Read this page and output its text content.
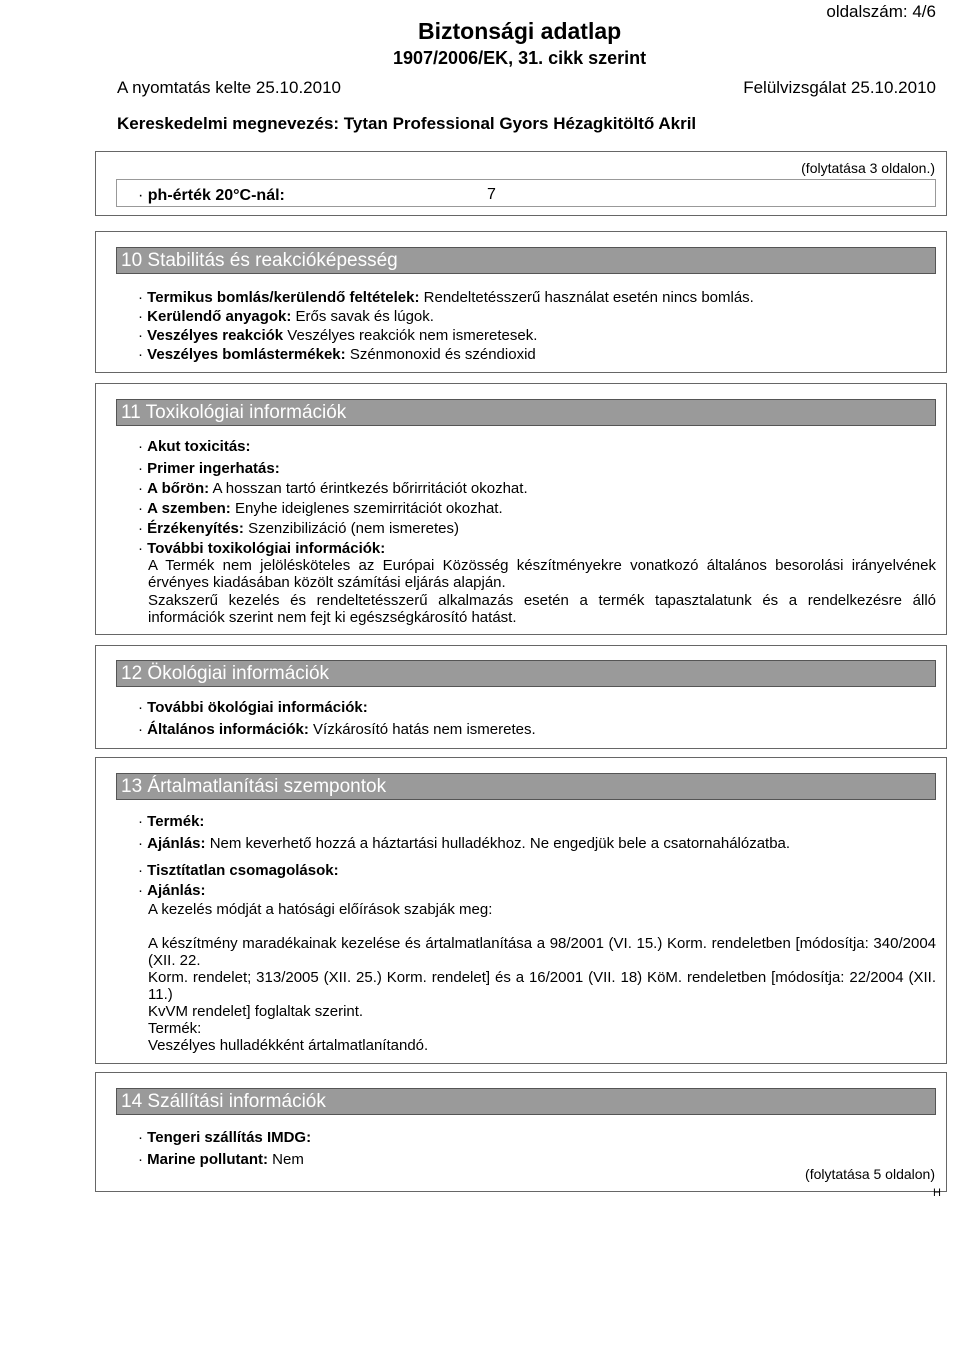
Biztonsági adatlap
1907/2006/EK, 31. cikk szerint
oldalszám: 4/6
A nyomtatás kelte 25.10.2010	Felülvizsgálat 25.10.2010
Kereskedelmi megnevezés: Tytan Professional Gyors Hézagkitöltő Akril
(folytatása 3 oldalon.)
· ph-érték 20°C-nál:	7
10 Stabilitás és reakcióképesség
· Termikus bomlás/kerülendő feltételek: Rendeltetésszerű használat esetén nincs bomlás.
· Kerülendő anyagok: Erős savak és lúgok.
· Veszélyes reakciók Veszélyes reakciók nem ismeretesek.
· Veszélyes bomlástermékek: Szénmonoxid és széndioxid
11 Toxikológiai információk
· Akut toxicitás:
· Primer ingerhatás:
· A bőrön: A hosszan tartó érintkezés bőrirritációt okozhat.
· A szemben: Enyhe ideiglenes szemirritációt okozhat.
· Érzékenyítés: Szenzibilizáció (nem ismeretes)
· További toxikológiai információk:
A Termék nem jelölésköteles az Európai Közösség készítményekre vonatkozó általános besorolási irányelvének érvényes kiadásában közölt számítási eljárás alapján.
Szakszerű kezelés és rendeltetésszerű alkalmazás esetén a termék tapasztalatunk és a rendelkezésre álló információk szerint nem fejt ki egészségkárosító hatást.
12 Ökológiai információk
· További ökológiai információk:
· Általános információk: Vízkárosító hatás nem ismeretes.
13 Ártalmatlanítási szempontok
· Termék:
· Ajánlás: Nem keverhető hozzá a háztartási hulladékhoz. Ne engedjük bele a csatornahálózatba.
· Tisztítatlan csomagolások:
· Ajánlás:
A kezelés módját a hatósági előírások szabják meg:
A készítmény maradékainak kezelése és ártalmatlanítása a 98/2001 (VI. 15.) Korm. rendeletben [módosítja: 340/2004 (XII. 22.
Korm. rendelet; 313/2005 (XII. 25.) Korm. rendelet] és a 16/2001 (VII. 18) KöM. rendeletben [módosítja: 22/2004 (XII. 11.)
KvVM rendelet] foglaltak szerint.
Termék:
Veszélyes hulladékként ártalmatlanítandó.
14 Szállítási információk
· Tengeri szállítás IMDG:
· Marine pollutant: Nem
(folytatása 5 oldalon)
H
